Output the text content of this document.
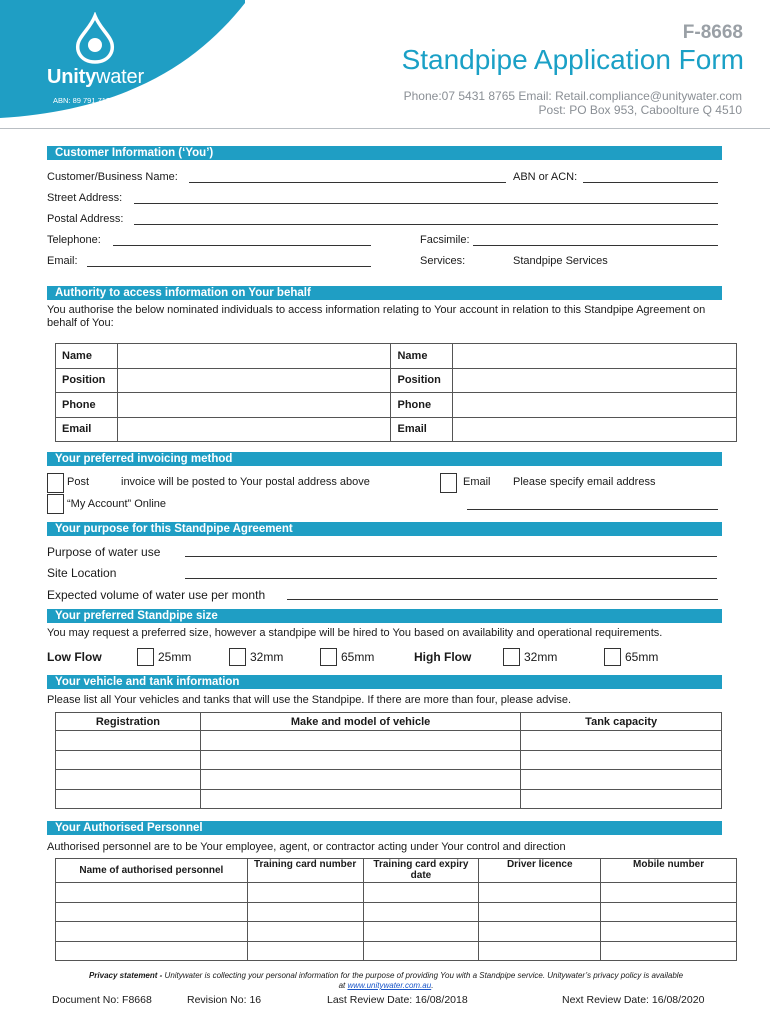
Unitywater
ABN: 89 791 717 472
F-8668
Standpipe Application Form
Phone:07 5431 8765 Email: Retail.compliance@unitywater.com
Post: PO Box 953, Caboolture Q 4510
Customer Information (‘You’)
Customer/Business Name:	ABN or ACN:
Street Address:
Postal Address:
Telephone:	Facsimile:
Email:	Services:	Standpipe Services
Authority to access information on Your behalf
You authorise the below nominated individuals to access information relating to Your account in relation to this Standpipe Agreement on behalf of You:
Name		Name	
Position		Position	
Phone		Phone	
Email		Email	
Your preferred invoicing method
Post	invoice will be posted to Your postal address above	Email Please specify email address
“My Account” Online
Your purpose for this Standpipe Agreement
Purpose of water use
Site Location
Expected volume of water use per month
Your preferred Standpipe size
You may request a preferred size, however a standpipe will be hired to You based on availability and operational requirements.
Low Flow	25mm	32mm	65mm	High Flow	32mm	65mm
Your vehicle and tank information
Please list all Your vehicles and tanks that will use the Standpipe. If there are more than four, please advise.
Registration	Make and model of vehicle	Tank capacity

Your Authorised Personnel
Authorised personnel are to be Your employee, agent, or contractor acting under Your control and direction
Name of authorised personnel	Training card number	Training card expiry date	Driver licence	Mobile number

Privacy statement - Unitywater is collecting your personal information for the purpose of providing You with a Standpipe service. Unitywater’s privacy policy is available
at www.unitywater.com.au.
Document No: F8668	Revision No: 16	Last Review Date: 16/08/2018	Next Review Date: 16/08/2020
